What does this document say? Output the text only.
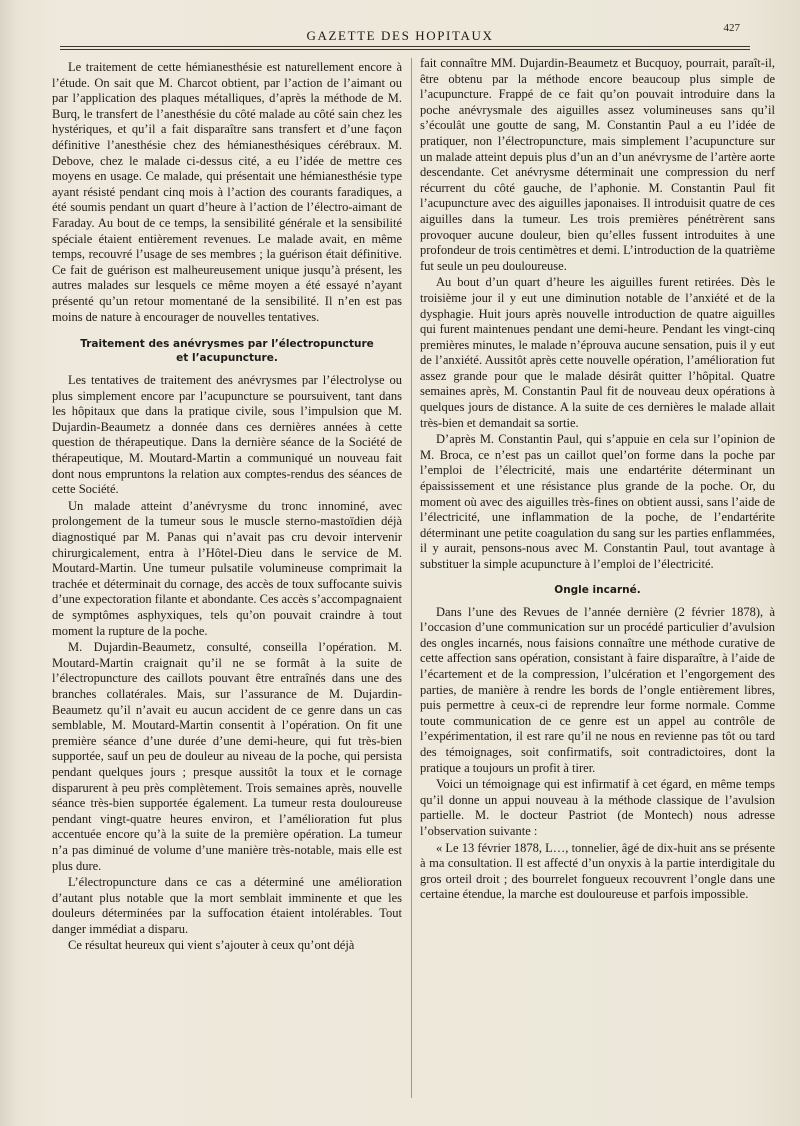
GAZETTE DES HOPITAUX	427

Le traitement de cette hémianesthésie est naturellement encore à l’étude. On sait que M. Charcot obtient, par l’action de l’aimant ou par l’application des plaques métalliques, d’après la méthode de M. Burq, le transfert de l’anesthésie du côté malade au côté sain chez les hystériques, et qu’il a fait disparaître sans transfert et d’une façon définitive l’anesthésie chez des hémianesthésiques cérébraux. M. Debove, chez le malade ci-dessus cité, a eu l’idée de mettre ces moyens en usage. Ce malade, qui présentait une hémianesthésie type ayant résisté pendant cinq mois à l’action des courants faradiques, a été soumis pendant un quart d’heure à l’action de l’électro-aimant de Faraday. Au bout de ce temps, la sensibilité générale et la sensibilité spéciale étaient entièrement revenues. Le malade avait, en même temps, recouvré l’usage de ses membres ; la guérison était définitive. Ce fait de guérison est malheureusement unique jusqu’à présent, les autres malades sur lesquels ce même moyen a été essayé n’ayant présenté qu’un retour momentané de la sensibilité. Il n’en est pas moins de nature à encourager de nouvelles tentatives.

Traitement des anévrysmes par l’électropuncture
et l’acupuncture.

Les tentatives de traitement des anévrysmes par l’électrolyse ou plus simplement encore par l’acupuncture se poursuivent, tant dans les hôpitaux que dans la pratique civile, sous l’impulsion que M. Dujardin-Beaumetz a donnée dans ces dernières années à cette question de thérapeutique. Dans la dernière séance de la Société de thérapeutique, M. Moutard-Martin a communiqué un nouveau fait dont nous empruntons la relation aux comptes-rendus des séances de cette Société.

Un malade atteint d’anévrysme du tronc innominé, avec prolongement de la tumeur sous le muscle sterno-mastoïdien déjà diagnostiqué par M. Panas qui n’avait pas cru devoir intervenir chirurgicalement, entra à l’Hôtel-Dieu dans le service de M. Moutard-Martin. Une tumeur pulsatile volumineuse comprimait la trachée et déterminait du cornage, des accès de toux suffocante suivis d’une expectoration filante et abondante. Ces accès s’accompagnaient de symptômes asphyxiques, tels qu’on pouvait craindre à tout moment la rupture de la poche.

M. Dujardin-Beaumetz, consulté, conseilla l’opération. M. Moutard-Martin craignait qu’il ne se formât à la suite de l’électropuncture des caillots pouvant être entraînés dans une des branches collatérales. Mais, sur l’assurance de M. Dujardin-Beaumetz qu’il n’avait eu aucun accident de ce genre dans un cas semblable, M. Moutard-Martin consentit à l’opération. On fit une première séance d’une durée d’une demi-heure, qui fut très-bien supportée, sauf un peu de douleur au niveau de la poche, qui persista pendant quelques jours ; presque aussitôt la toux et le cornage disparurent à peu près complètement. Trois semaines après, nouvelle séance très-bien supportée également. La tumeur resta douloureuse pendant vingt-quatre heures environ, et l’amélioration fut plus accentuée encore qu’à la suite de la première opération. La tumeur n’a pas diminué de volume d’une manière très-notable, mais elle est plus dure.

L’électropuncture dans ce cas a déterminé une amélioration d’autant plus notable que la mort semblait imminente et que les douleurs déterminées par la suffocation étaient intolérables. Tout danger immédiat a disparu.

Ce résultat heureux qui vient s’ajouter à ceux qu’ont déjà

fait connaître MM. Dujardin-Beaumetz et Bucquoy, pourrait, paraît-il, être obtenu par la méthode encore beaucoup plus simple de l’acupuncture. Frappé de ce fait qu’on pouvait introduire dans la poche anévrysmale des aiguilles assez volumineuses sans qu’il s’écoulât une goutte de sang, M. Constantin Paul a eu l’idée de pratiquer, non l’électropuncture, mais simplement l’acupuncture sur un malade atteint depuis plus d’un an d’un anévrysme de l’artère aorte descendante. Cet anévrysme déterminait une compression du nerf récurrent du côté gauche, de l’aphonie. M. Constantin Paul fit l’acupuncture avec des aiguilles japonaises. Il introduisit quatre de ces aiguilles dans la tumeur. Les trois premières pénétrèrent sans provoquer aucune douleur, bien qu’elles fussent introduites à une profondeur de trois centimètres et demi. L’introduction de la quatrième fut seule un peu douloureuse.

Au bout d’un quart d’heure les aiguilles furent retirées. Dès le troisième jour il y eut une diminution notable de l’anxiété et de la dysphagie. Huit jours après nouvelle introduction de quatre aiguilles qui furent maintenues pendant une demi-heure. Pendant les vingt-cinq premières minutes, le malade n’éprouva aucune sensation, puis il y eut de l’anxiété. Aussitôt après cette nouvelle opération, l’amélioration fut assez grande pour que le malade désirât quitter l’hôpital. Quatre semaines après, M. Constantin Paul fit de nouveau deux opérations à quelques jours de distance. A la suite de ces dernières le malade allait très-bien et demandait sa sortie.

D’après M. Constantin Paul, qui s’appuie en cela sur l’opinion de M. Broca, ce n’est pas un caillot quel’on forme dans la poche par l’emploi de l’électricité, mais une endartérite déterminant un épaississement et une résistance plus grande de la poche. Or, du moment où avec des aiguilles très-fines on obtient aussi, sans l’aide de l’électricité, une inflammation de la poche, de l’endartérite déterminant une petite coagulation du sang sur les parties enflammées, il y aurait, pensons-nous avec M. Constantin Paul, tout avantage à substituer la simple acupuncture à l’emploi de l’électricité.

Ongle incarné.

Dans l’une des Revues de l’année dernière (2 février 1878), à l’occasion d’une communication sur un procédé particulier d’avulsion des ongles incarnés, nous faisions connaître une méthode curative de cette affection sans opération, consistant à faire disparaître, à l’aide de l’écartement et de la compression, l’ulcération et l’engorgement des parties, de manière à rendre les bords de l’ongle entièrement libres, puis permettre à ceux-ci de reprendre leur forme normale. Comme toute communication de ce genre est un appel au contrôle de l’expérimentation, il est rare qu’il ne nous en revienne pas tôt ou tard des témoignages, soit confirmatifs, soit contradictoires, dont la pratique a toujours un profit à tirer.

Voici un témoignage qui est infirmatif à cet égard, en même temps qu’il donne un appui nouveau à la méthode classique de l’avulsion partielle. M. le docteur Pastriot (de Montech) nous adresse l’observation suivante :

« Le 13 février 1878, L…, tonnelier, âgé de dix-huit ans se présente à ma consultation. Il est affecté d’un onyxis à la partie interdigitale du gros orteil droit ; des bourrelet fongueux recouvrent l’ongle dans une certaine étendue, la marche est douloureuse et parfois impossible.
